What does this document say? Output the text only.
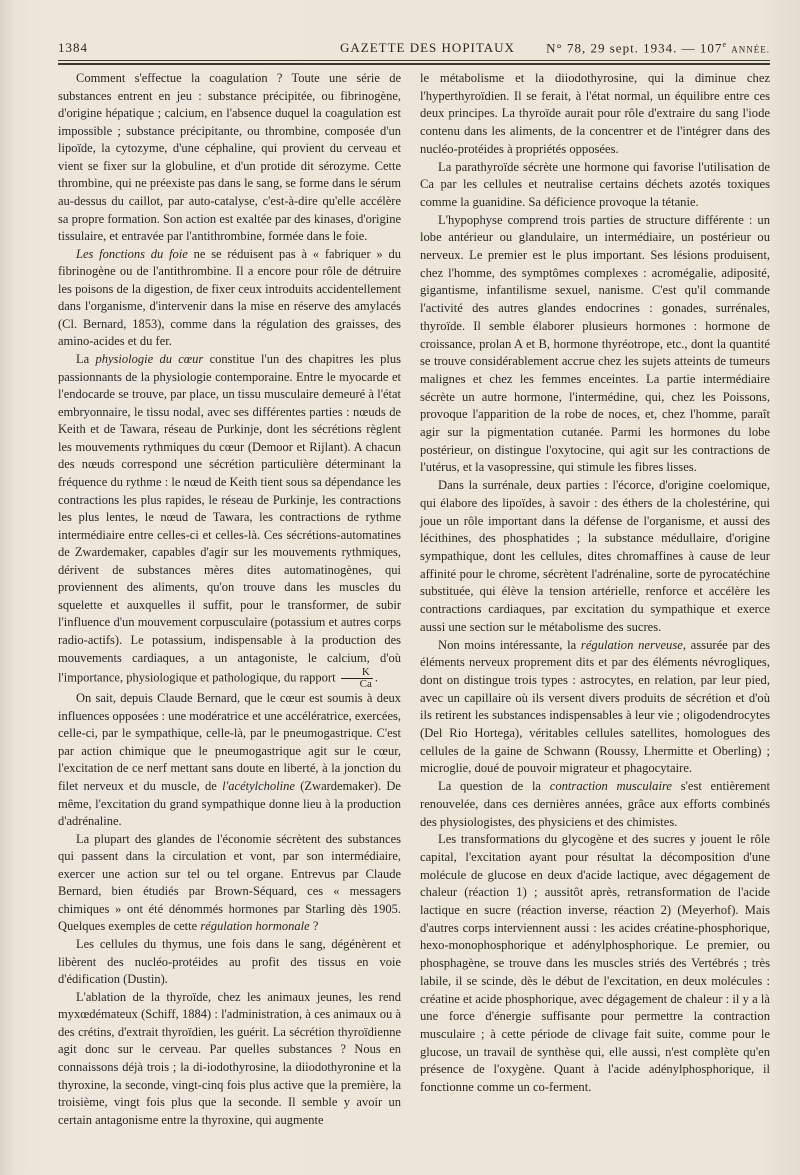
1384	GAZETTE DES HOPITAUX N° 78, 29 sept. 1934. — 107e ANNÉE.

Comment s'effectue la coagulation ? Toute une série de substances entrent en jeu : substance précipitée, ou fibrinogène, d'origine hépatique ; calcium, en l'absence duquel la coagulation est impossible ; substance précipitante, ou thrombine, composée d'un lipoïde, la cytozyme, d'une céphaline, qui provient du cerveau et vient se fixer sur la globuline, et d'un protide dit sérozyme. Cette thrombine, qui ne préexiste pas dans le sang, se forme dans le sérum au-dessus du caillot, par auto-catalyse, c'est-à-dire qu'elle accélère sa propre formation. Son action est exaltée par des kinases, d'origine tissulaire, et entravée par l'antithrombine, formée dans le foie.

Les fonctions du foie ne se réduisent pas à « fabriquer » du fibrinogène ou de l'antithrombine. Il a encore pour rôle de détruire les poisons de la digestion, de fixer ceux introduits accidentellement dans l'organisme, d'intervenir dans la mise en réserve des amylacés (Cl. Bernard, 1853), comme dans la régulation des graisses, des amino-acides et du fer.

La physiologie du cœur constitue l'un des chapitres les plus passionnants de la physiologie contemporaine. Entre le myocarde et l'endocarde se trouve, par place, un tissu musculaire demeuré à l'état embryonnaire, le tissu nodal, avec ses différentes parties : nœuds de Keith et de Tawara, réseau de Purkinje, dont les sécrétions règlent les mouvements rythmiques du cœur (Demoor et Rijlant). A chacun des nœuds correspond une sécrétion particulière déterminant la fréquence du rythme : le nœud de Keith tient sous sa dépendance les contractions les plus rapides, le réseau de Purkinje, les contractions les plus lentes, le nœud de Tawara, les contractions de rythme intermédiaire entre celles-ci et celles-là. Ces sécrétions-automatines de Zwardemaker, capables d'agir sur les mouvements rythmiques, dérivent de substances mères dites automatinogènes, qui proviennent des aliments, qu'on trouve dans les muscles du squelette et auxquelles il suffit, pour le transformer, de subir l'influence d'un mouvement corpusculaire (potassium et autres corps radio-actifs). Le potassium, indispensable à la production des mouvements cardiaques, a un antagoniste, le calcium, d'où l'importance, physiologique et pathologique, du rapport $\frac{K}{Ca}$ .

On sait, depuis Claude Bernard, que le cœur est soumis à deux influences opposées : une modératrice et une accélératrice, exercées, celle-ci, par le sympathique, celle-là, par le pneumogastrique. C'est par action chimique que le pneumogastrique agit sur le cœur, l'excitation de ce nerf mettant sans doute en liberté, à la jonction du filet nerveux et du muscle, de l'acétylcholine (Zwardemaker). De même, l'excitation du grand sympathique donne lieu à la production d'adrénaline.

La plupart des glandes de l'économie sécrètent des substances qui passent dans la circulation et vont, par son intermédiaire, exercer une action sur tel ou tel organe. Entrevus par Claude Bernard, bien étudiés par Brown-Séquard, ces « messagers chimiques » ont été dénommés hormones par Starling dès 1905. Quelques exemples de cette régulation hormonale ?

Les cellules du thymus, une fois dans le sang, dégénèrent et libèrent des nucléo-protéides au profit des tissus en voie d'édification (Dustin).

L'ablation de la thyroïde, chez les animaux jeunes, les rend myxœdémateux (Schiff, 1884) : l'administration, à ces animaux ou à des crétins, d'extrait thyroïdien, les guérit. La sécrétion thyroïdienne agit donc sur le cerveau. Par quelles substances ? Nous en connaissons déjà trois ; la di-iodothyrosine, la diiodothyronine et la thyroxine, la seconde, vingt-cinq fois plus active que la première, la troisième, vingt fois plus que la seconde. Il semble y avoir un certain antagonisme entre la thyroxine, qui augmente

le métabolisme et la diiodothyrosine, qui la diminue chez l'hyperthyroïdien. Il se ferait, à l'état normal, un équilibre entre ces deux principes. La thyroïde aurait pour rôle d'extraire du sang l'iode contenu dans les aliments, de la concentrer et de l'intégrer dans des nucléo-protéides à propriétés opposées.

La parathyroïde sécrète une hormone qui favorise l'utilisation de Ca par les cellules et neutralise certains déchets azotés toxiques comme la guanidine. Sa déficience provoque la tétanie.

L'hypophyse comprend trois parties de structure différente : un lobe antérieur ou glandulaire, un intermédiaire, un postérieur ou nerveux. Le premier est le plus important. Ses lésions produisent, chez l'homme, des symptômes complexes : acromégalie, adiposité, gigantisme, infantilisme sexuel, nanisme. C'est qu'il commande l'activité des autres glandes endocrines : gonades, surrénales, thyroïde. Il semble élaborer plusieurs hormones : hormone de croissance, prolan A et B, hormone thyréotrope, etc., dont la quantité se trouve considérablement accrue chez les sujets atteints de tumeurs malignes et chez les femmes enceintes. La partie intermédiaire sécrète un autre hormone, l'intermédine, qui, chez les Poissons, provoque l'apparition de la robe de noces, et, chez l'homme, paraît agir sur la pigmentation cutanée. Parmi les hormones du lobe postérieur, on distingue l'oxytocine, qui agit sur les contractions de l'utérus, et la vasopressine, qui stimule les fibres lisses.

Dans la surrénale, deux parties : l'écorce, d'origine coelomique, qui élabore des lipoïdes, à savoir : des éthers de la cholestérine, qui joue un rôle important dans la défense de l'organisme, et aussi des lécithines, des phosphatides ; la substance médullaire, d'origine sympathique, dont les cellules, dites chromaffines à cause de leur affinité pour le chrome, sécrètent l'adrénaline, sorte de pyrocatéchine substituée, qui élève la tension artérielle, renforce et accélère les contractions cardiaques, par excitation du sympathique et exerce aussi une section sur le métabolisme des sucres.

Non moins intéressante, la régulation nerveuse, assurée par des éléments nerveux proprement dits et par des éléments névrogliques, dont on distingue trois types : astrocytes, en relation, par leur pied, avec un capillaire où ils versent divers produits de sécrétion et d'où ils retirent les substances indispensables à leur vie ; oligodendrocytes (Del Rio Hortega), véritables cellules satellites, homologues des cellules de la gaine de Schwann (Roussy, Lhermitte et Oberling) ; microglie, doué de pouvoir migrateur et phagocytaire.

La question de la contraction musculaire s'est entièrement renouvelée, dans ces dernières années, grâce aux efforts combinés des physiologistes, des physiciens et des chimistes.

Les transformations du glycogène et des sucres y jouent le rôle capital, l'excitation ayant pour résultat la décomposition d'une molécule de glucose en deux d'acide lactique, avec dégagement de chaleur (réaction 1) ; aussitôt après, retransformation de l'acide lactique en sucre (réaction inverse, réaction 2) (Meyerhof). Mais d'autres corps interviennent aussi : les acides créatine-phosphorique, hexo-monophosphorique et adénylphosphorique. Le premier, ou phosphagène, se trouve dans les muscles striés des Vertébrés ; très labile, il se scinde, dès le début de l'excitation, en deux molécules : créatine et acide phosphorique, avec dégagement de chaleur : il y a là une force d'énergie suffisante pour permettre la contraction musculaire ; à cette période de clivage fait suite, comme pour le glucose, un travail de synthèse qui, elle aussi, n'est complète qu'en présence de l'oxygène. Quant à l'acide adénylphosphorique, il fonctionne comme un co-ferment.
